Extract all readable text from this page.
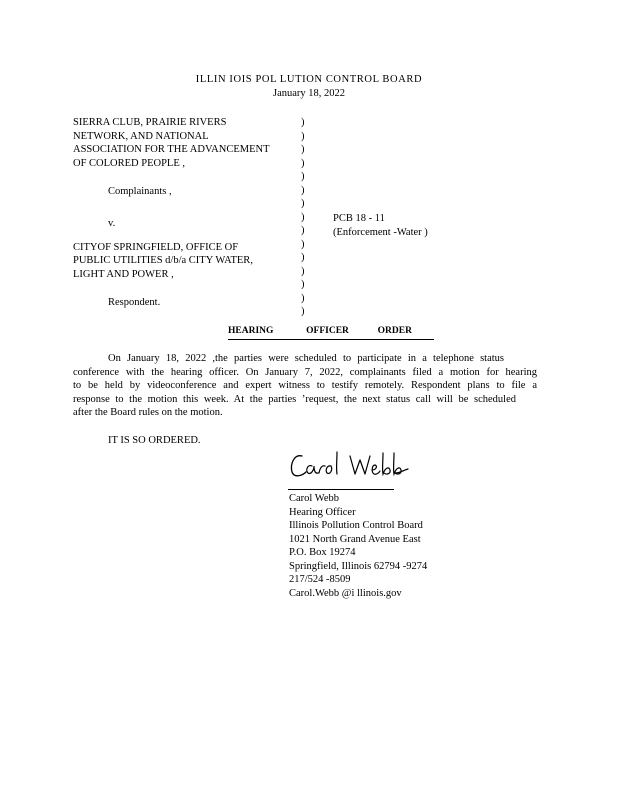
ILLIN IOIS POL LUTION CONTROL BOARD
January 18, 2022
SIERRA CLUB, PRAIRIE RIVERS
NETWORK, AND NATIONAL
ASSOCIATION FOR THE ADVANCEMENT
OF COLORED PEOPLE ,
Complainants ,
v.
CITYOF SPRINGFIELD, OFFICE OF
PUBLIC UTILITIES d/b/a CITY WATER,
LIGHT AND POWER ,
Respondent.
)
)
)
)
)
)
)
)
)
)
)
)
)
)
)
PCB 18 - 11
(Enforcement -Water )
HEARING	OFFICER	ORDER
On January 18, 2022 ,the parties were scheduled to participate in a telephone status
conference with the hearing officer. On January 7, 2022, complainants filed a motion for hearing
to be held by videoconference and expert witness to testify remotely. Respondent plans to file a
response to the motion this week. At the parties ’request, the next status call will be scheduled
after the Board rules on the motion.
IT IS SO ORDERED.
Carol Webb
Hearing Officer
Illinois Pollution Control Board
1021 North Grand Avenue East
P.O. Box 19274
Springfield, Illinois 62794 -9274
217/524 -8509
Carol.Webb @i llinois.gov
